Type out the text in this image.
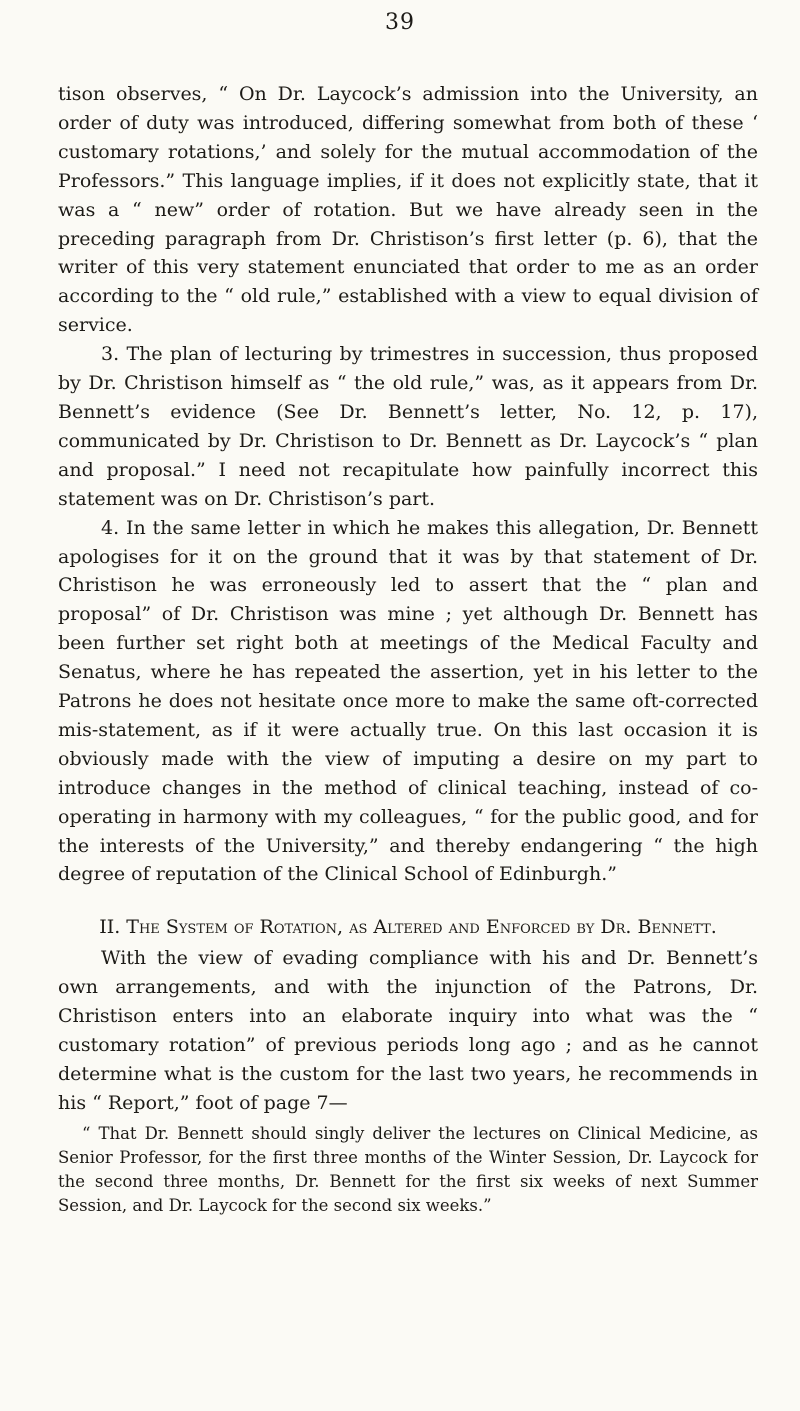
39

tison observes, “ On Dr. Laycock’s admission into the University, an order of duty was introduced, differing somewhat from both of these ‘ customary rotations,’ and solely for the mutual accommodation of the Professors.” This language implies, if it does not explicitly state, that it was a “ new” order of rotation. But we have already seen in the preceding paragraph from Dr. Christison’s first letter (p. 6), that the writer of this very statement enunciated that order to me as an order according to the “ old rule,” established with a view to equal division of service.

3. The plan of lecturing by trimestres in succession, thus proposed by Dr. Christison himself as “ the old rule,” was, as it appears from Dr. Bennett’s evidence (See Dr. Bennett’s letter, No. 12, p. 17), communicated by Dr. Christison to Dr. Bennett as Dr. Laycock’s “ plan and proposal.” I need not recapitulate how painfully incorrect this statement was on Dr. Christison’s part.

4. In the same letter in which he makes this allegation, Dr. Bennett apologises for it on the ground that it was by that statement of Dr. Christison he was erroneously led to assert that the “ plan and proposal” of Dr. Christison was mine ; yet although Dr. Bennett has been further set right both at meetings of the Medical Faculty and Senatus, where he has repeated the assertion, yet in his letter to the Patrons he does not hesitate once more to make the same oft-corrected mis-statement, as if it were actually true. On this last occasion it is obviously made with the view of imputing a desire on my part to introduce changes in the method of clinical teaching, instead of co-operating in harmony with my colleagues, “ for the public good, and for the interests of the University,” and thereby endangering “ the high degree of reputation of the Clinical School of Edinburgh.”

II. The System of Rotation, as Altered and Enforced by Dr. Bennett.

With the view of evading compliance with his and Dr. Bennett’s own arrangements, and with the injunction of the Patrons, Dr. Christison enters into an elaborate inquiry into what was the “ customary rotation” of previous periods long ago ; and as he cannot determine what is the custom for the last two years, he recommends in his “ Report,” foot of page 7—

“ That Dr. Bennett should singly deliver the lectures on Clinical Medicine, as Senior Professor, for the first three months of the Winter Session, Dr. Laycock for the second three months, Dr. Bennett for the first six weeks of next Summer Session, and Dr. Laycock for the second six weeks.”
